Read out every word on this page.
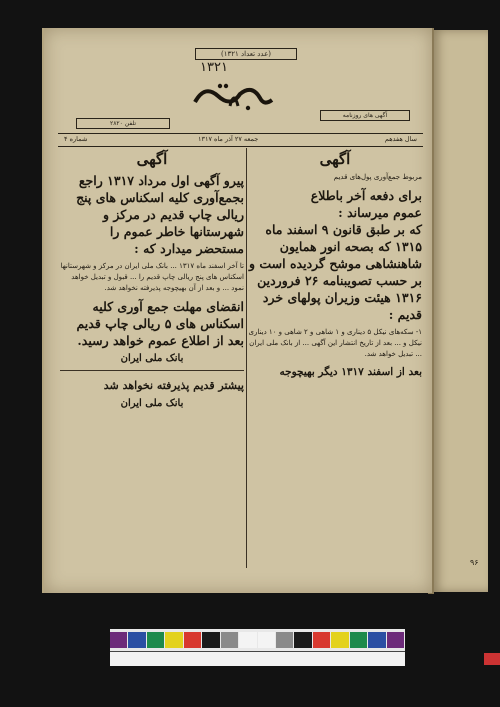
۹۶
(عدد تعداد ۱۳۲۱)
۱۳۲۱
آگهی های روزنامه
تلفن ۲۸۲۰
سال هفدهم
جمعه ۲۷ آذر ماه ۱۳۱۷
شماره ۴
آگهی
مربوط جمع‌آوری پول‌های قدیم

برای دفعه آخر باطلاع

عموم میرساند :

که بر طبق قانون ۹ اسفند ماه ۱۳۱۵ که بصحه انور همایون شاهنشاهی موشح گردیده است و بر حسب تصویبنامه ۲۶ فروردین ۱۳۱۶ هیئت وزیران پولهای خرد قدیم :

۱- سکه‌های نیکل ۵ دیناری و ۱ شاهی و ۲ شاهی و ۱۰ دیناری نیکل و ... بعد از تاریخ انتشار این آگهی ... از بانک ملی ایران ... تبدیل خواهد شد.

بعد از اسفند ۱۳۱۷ دیگر بهیچوجه
آگهی

پیرو آگهی اول مرداد ۱۳۱۷ راجع بجمع‌آوری کلیه اسکناس های پنج ریالی چاپ قدیم در مرکز و شهرستانها خاطر عموم را مستحضر میدارد که :

تا آخر اسفند ماه ۱۳۱۷ ... بانک ملی ایران در مرکز و شهرستانها اسکناس های پنج ریالی چاپ قدیم را ... قبول و تبدیل خواهد نمود ... و بعد از آن بهیچوجه پذیرفته نخواهد شد.

انقضای مهلت جمع آوری کلیه اسکناس های ۵ ریالی چاپ قدیم بعد از اطلاع عموم خواهد رسید.

بانک ملی ایران

پیشتر قدیم پذیرفته نخواهد شد

بانک ملی ایران
